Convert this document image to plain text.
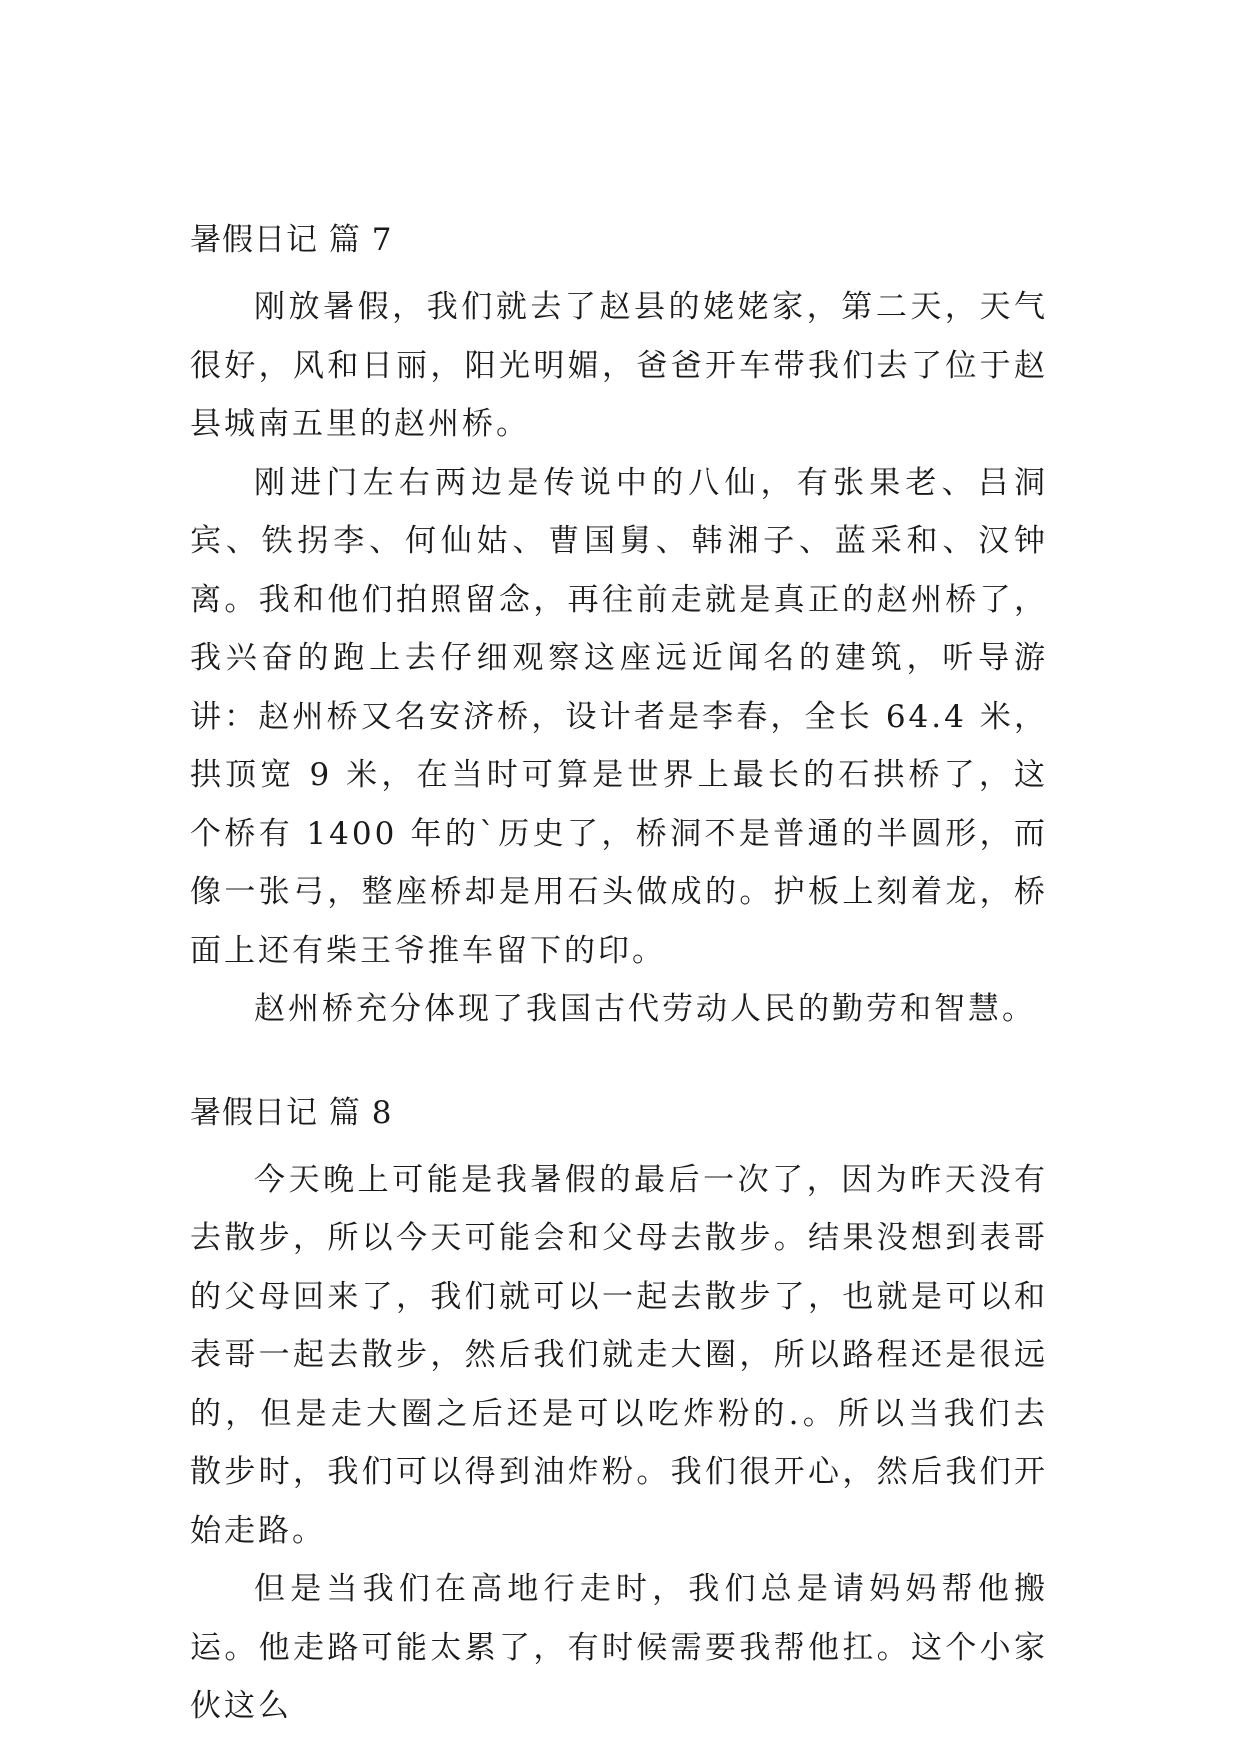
暑假日记 篇 7

刚放暑假，我们就去了赵县的姥姥家，第二天，天气很好，风和日丽，阳光明媚，爸爸开车带我们去了位于赵县城南五里的赵州桥。

刚进门左右两边是传说中的八仙，有张果老、吕洞宾、铁拐李、何仙姑、曹国舅、韩湘子、蓝采和、汉钟离。我和他们拍照留念，再往前走就是真正的赵州桥了，我兴奋的跑上去仔细观察这座远近闻名的建筑，听导游讲：赵州桥又名安济桥，设计者是李春，全长 64.4 米，拱顶宽 9 米，在当时可算是世界上最长的石拱桥了，这个桥有 1400 年的`历史了，桥洞不是普通的半圆形，而像一张弓，整座桥却是用石头做成的。护板上刻着龙，桥面上还有柴王爷推车留下的印。

赵州桥充分体现了我国古代劳动人民的勤劳和智慧。

暑假日记 篇 8

今天晚上可能是我暑假的最后一次了，因为昨天没有去散步，所以今天可能会和父母去散步。结果没想到表哥的父母回来了，我们就可以一起去散步了，也就是可以和表哥一起去散步，然后我们就走大圈，所以路程还是很远的，但是走大圈之后还是可以吃炸粉的.。所以当我们去散步时，我们可以得到油炸粉。我们很开心，然后我们开始走路。

但是当我们在高地行走时，我们总是请妈妈帮他搬运。他走路可能太累了，有时候需要我帮他扛。这个小家伙这么
